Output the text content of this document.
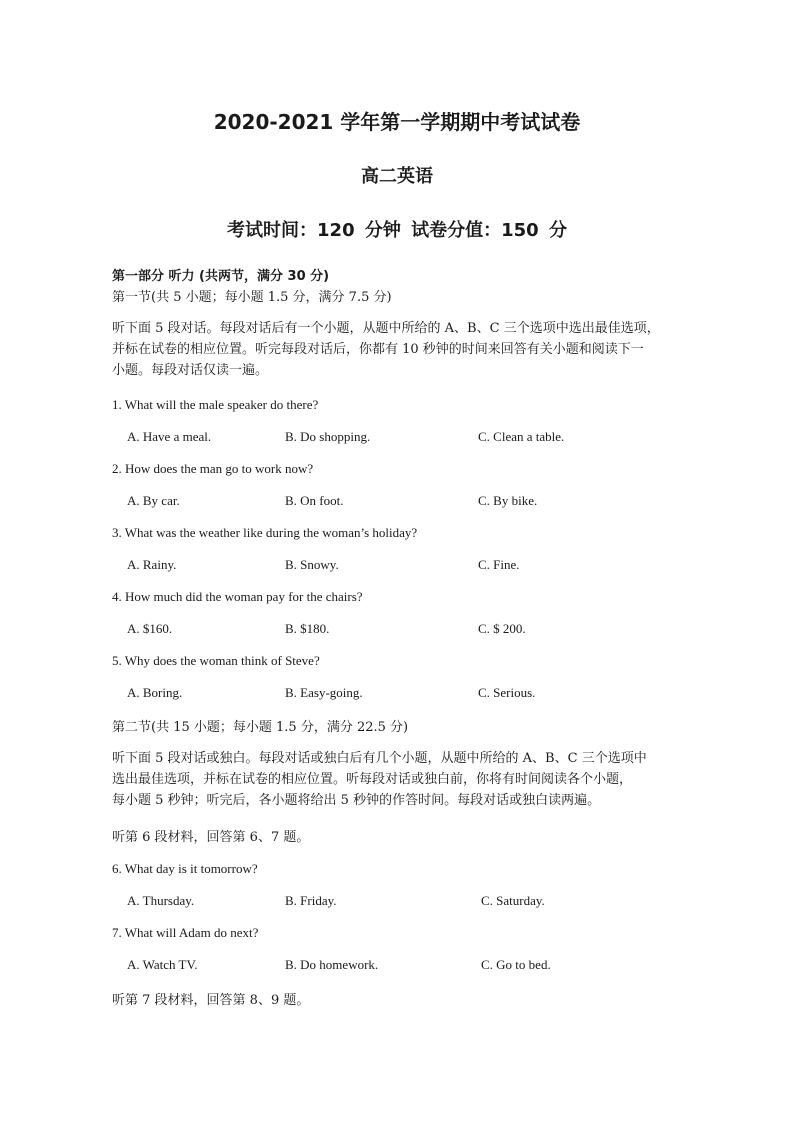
2020-2021 学年第一学期期中考试试卷
高二英语
考试时间：120 分钟 试卷分值：150 分
第一部分 听力 (共两节，满分 30 分)
第一节(共 5 小题；每小题 1.5 分，满分 7.5 分)
听下面 5 段对话。每段对话后有一个小题，从题中所给的 A、B、C 三个选项中选出最佳选项，
并标在试卷的相应位置。听完每段对话后，你都有 10 秒钟的时间来回答有关小题和阅读下一
小题。每段对话仅读一遍。
1. What will the male speaker do there?
A. Have a meal.	B. Do shopping.	C. Clean a table.
2. How does the man go to work now?
A. By car.	B. On foot.	C. By bike.
3. What was the weather like during the woman’s holiday?
A. Rainy.	B. Snowy.	C. Fine.
4. How much did the woman pay for the chairs?
A. $160.	B. $180.	C. $ 200.
5. Why does the woman think of Steve?
A. Boring.	B. Easy-going.	C. Serious.
第二节(共 15 小题；每小题 1.5 分，满分 22.5 分)
听下面 5 段对话或独白。每段对话或独白后有几个小题，从题中所给的 A、B、C 三个选项中
选出最佳选项，并标在试卷的相应位置。听每段对话或独白前，你将有时间阅读各个小题，
每小题 5 秒钟；听完后，各小题将给出 5 秒钟的作答时间。每段对话或独白读两遍。
听第 6 段材料，回答第 6、7 题。
6. What day is it tomorrow?
A. Thursday.	B. Friday.	C. Saturday.
7. What will Adam do next?
A. Watch TV.	B. Do homework.	C. Go to bed.
听第 7 段材料，回答第 8、9 题。
